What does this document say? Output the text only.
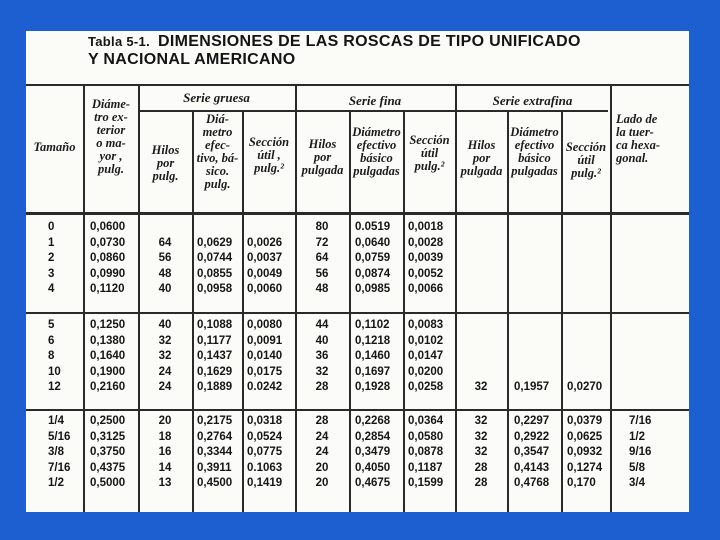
Tabla 5-1. DIMENSIONES DE LAS ROSCAS DE TIPO UNIFICADO
Y NACIONAL AMERICANO
Serie gruesa	Serie fina	Serie extrafina
Tamaño
Diáme-
tro ex-
terior
o ma-
yor ,
pulg.
Hilos
por
pulg.
Diá-
metro
efec-
tivo, bá-
sico.
pulg.
Sección
útil ,
pulg.²
Hilos
por
pulgada
Diámetro
efectivo
básico
pulgadas
Sección
útil
pulg.²
Hilos
por
pulgada
Diámetro
efectivo
básico
pulgadas
Sección
útil
pulg.²
Lado de
la tuer-
ca hexa-
gonal.
0
1
2
3
4
5
6
8
10
12
1/4
5/16
3/8
7/16
1/2
0,0600
0,0730
0,0860
0,0990
0,1120
0,1250
0,1380
0,1640
0,1900
0,2160
0,2500
0,3125
0,3750
0,4375
0,5000
64
56
48
40
40
32
32
24
24
20
18
16
14
13
0,0629
0,0744
0,0855
0,0958
0,1088
0,1177
0,1437
0,1629
0,1889
0,2175
0,2764
0,3344
0,3911
0,4500
0,0026
0,0037
0,0049
0,0060
0,0080
0,0091
0,0140
0,0175
0.0242
0,0318
0,0524
0,0775
0.1063
0,1419
80
72
64
56
48
44
40
36
32
28
28
24
24
20
20
0.0519
0,0640
0,0759
0,0874
0,0985
0,1102
0,1218
0,1460
0,1697
0,1928
0,2268
0,2854
0,3479
0,4050
0,4675
0,0018
0,0028
0,0039
0,0052
0,0066
0,0083
0,0102
0,0147
0,0200
0,0258
0,0364
0,0580
0,0878
0,1187
0,1599
32
32
32
32
28
28
0,1957
0,2297
0,2922
0,3547
0,4143
0,4768
0,0270
0,0379
0,0625
0,0932
0,1274
0,170
7/16
1/2
9/16
5/8
3/4
